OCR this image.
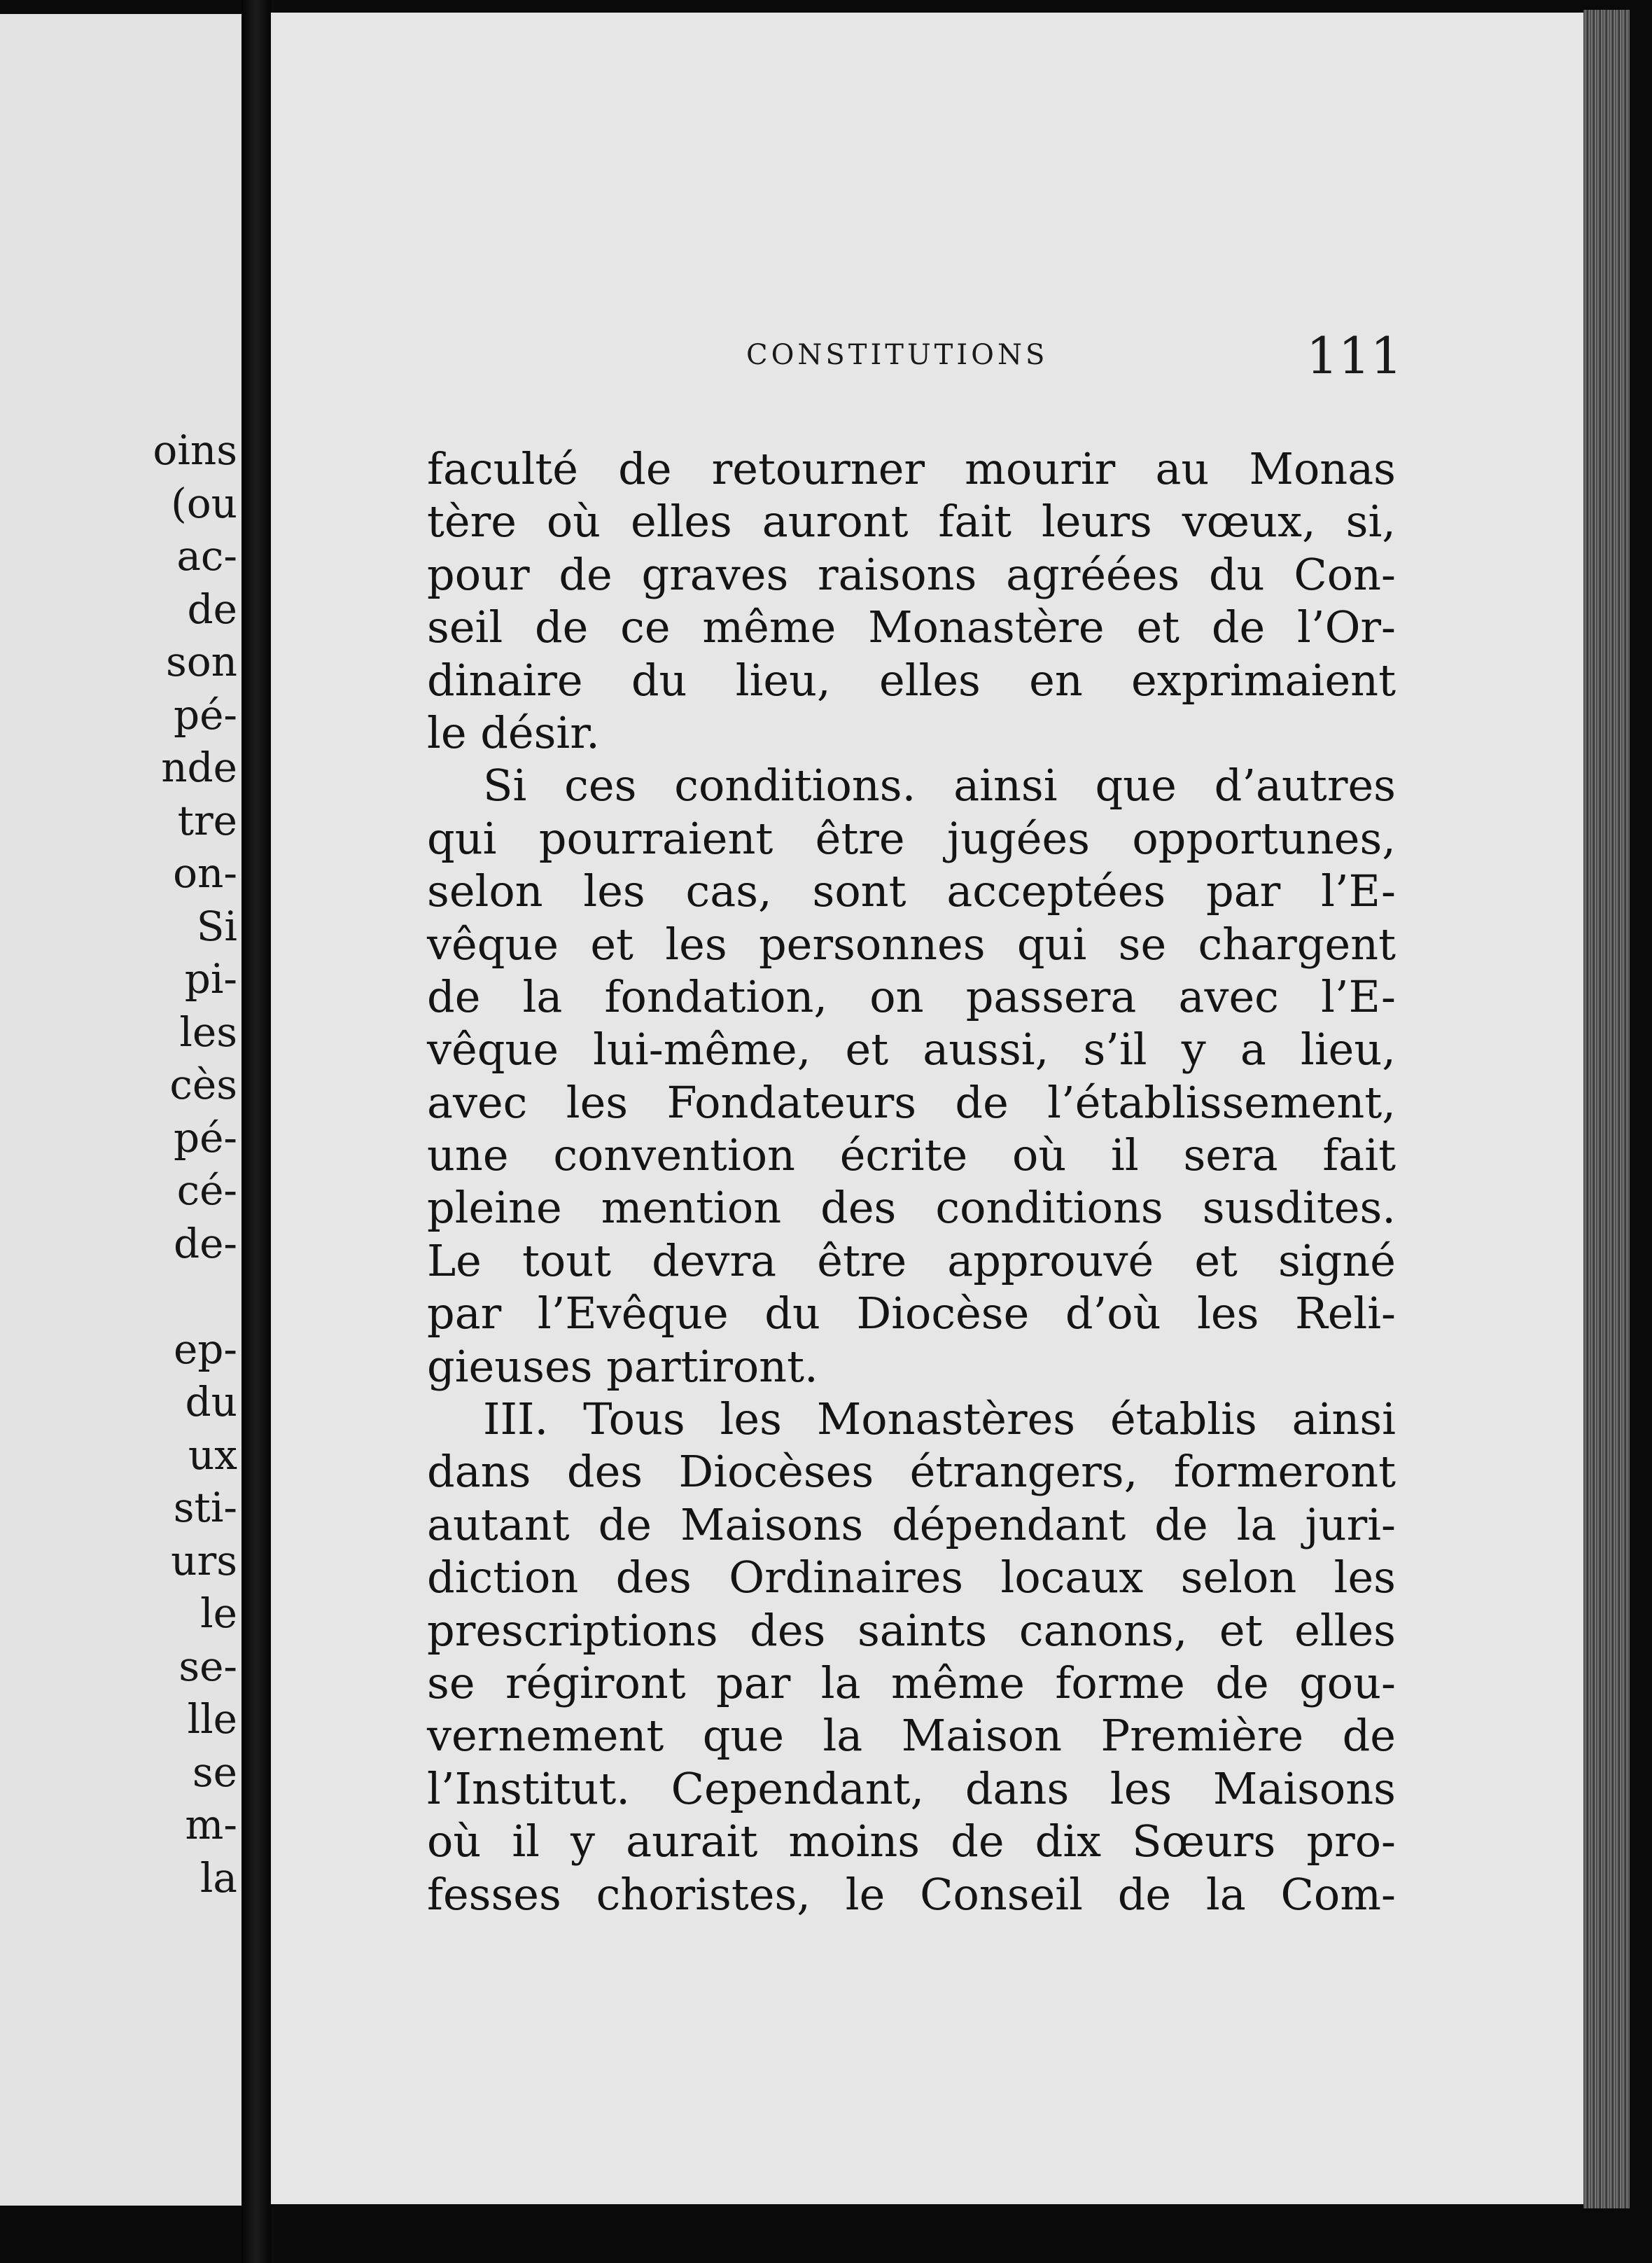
oins
(ou
ac-
de
son
pé-
nde
tre
on-
Si
pi-
les
cès
pé-
cé-
de-

ep-
du
ux
sti-
urs
le
se-
lle
se
m-
la
CONSTITUTIONS	111
faculté de retourner mourir au Monas
tère où elles auront fait leurs vœux, si,
pour de graves raisons agréées du Con-
seil de ce même Monastère et de l’Or-
dinaire du lieu, elles en exprimaient
le désir.
Si ces conditions. ainsi que d’autres
qui pourraient être jugées opportunes,
selon les cas, sont acceptées par l’E-
vêque et les personnes qui se chargent
de la fondation, on passera avec l’E-
vêque lui-même, et aussi, s’il y a lieu,
avec les Fondateurs de l’établissement,
une convention écrite où il sera fait
pleine mention des conditions susdites.
Le tout devra être approuvé et signé
par l’Evêque du Diocèse d’où les Reli-
gieuses partiront.
III. Tous les Monastères établis ainsi
dans des Diocèses étrangers, formeront
autant de Maisons dépendant de la juri-
diction des Ordinaires locaux selon les
prescriptions des saints canons, et elles
se régiront par la même forme de gou-
vernement que la Maison Première de
l’Institut. Cependant, dans les Maisons
où il y aurait moins de dix Sœurs pro-
fesses choristes, le Conseil de la Com-
